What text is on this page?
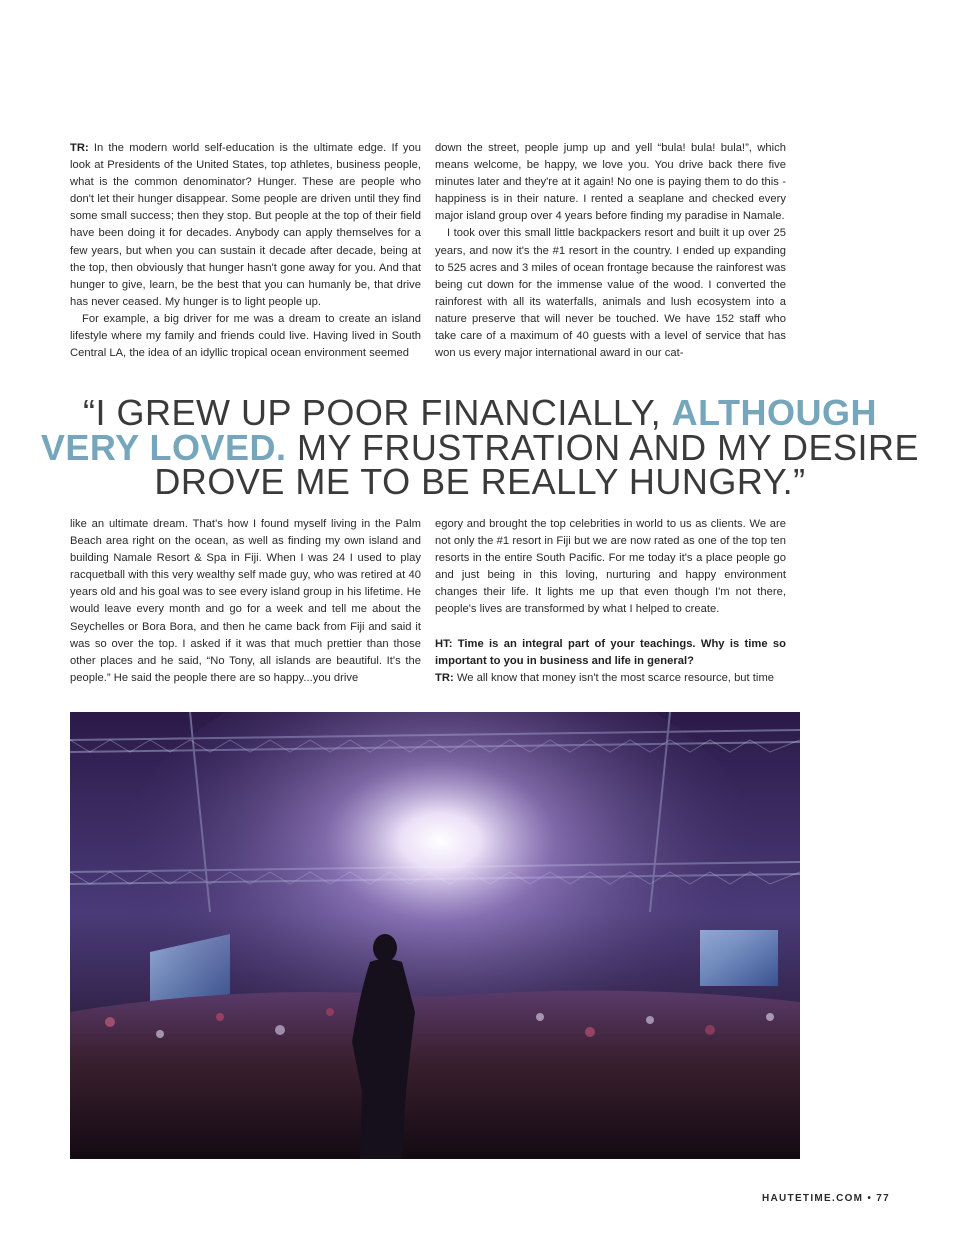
TR: In the modern world self-education is the ultimate edge. If you look at Presidents of the United States, top athletes, business people, what is the common denominator? Hunger. These are people who don't let their hunger disappear. Some people are driven until they find some small success; then they stop. But people at the top of their field have been doing it for decades. Anybody can apply themselves for a few years, but when you can sustain it decade after decade, being at the top, then obviously that hunger hasn't gone away for you. And that hunger to give, learn, be the best that you can humanly be, that drive has never ceased. My hunger is to light people up.

For example, a big driver for me was a dream to create an island lifestyle where my family and friends could live. Having lived in South Central LA, the idea of an idyllic tropical ocean environment seemed

down the street, people jump up and yell “bula! bula! bula!”, which means welcome, be happy, we love you. You drive back there five minutes later and they're at it again! No one is paying them to do this - happiness is in their nature. I rented a seaplane and checked every major island group over 4 years before finding my paradise in Namale.

I took over this small little backpackers resort and built it up over 25 years, and now it's the #1 resort in the country. I ended up expanding to 525 acres and 3 miles of ocean frontage because the rainforest was being cut down for the immense value of the wood. I converted the rainforest with all its waterfalls, animals and lush ecosystem into a nature preserve that will never be touched. We have 152 staff who take care of a maximum of 40 guests with a level of service that has won us every major international award in our cat-

“I GREW UP POOR FINANCIALLY, ALTHOUGH VERY LOVED. MY FRUSTRATION AND MY DESIRE DROVE ME TO BE REALLY HUNGRY.”

like an ultimate dream. That's how I found myself living in the Palm Beach area right on the ocean, as well as finding my own island and building Namale Resort & Spa in Fiji. When I was 24 I used to play racquetball with this very wealthy self made guy, who was retired at 40 years old and his goal was to see every island group in his lifetime. He would leave every month and go for a week and tell me about the Seychelles or Bora Bora, and then he came back from Fiji and said it was so over the top. I asked if it was that much prettier than those other places and he said, “No Tony, all islands are beautiful. It's the people.” He said the people there are so happy...you drive

egory and brought the top celebrities in world to us as clients. We are not only the #1 resort in Fiji but we are now rated as one of the top ten resorts in the entire South Pacific. For me today it's a place people go and just being in this loving, nurturing and happy environment changes their life. It lights me up that even though I'm not there, people's lives are transformed by what I helped to create.

HT: Time is an integral part of your teachings. Why is time so important to you in business and life in general?

TR: We all know that money isn't the most scarce resource, but time

HAUTETIME.COM • 77
